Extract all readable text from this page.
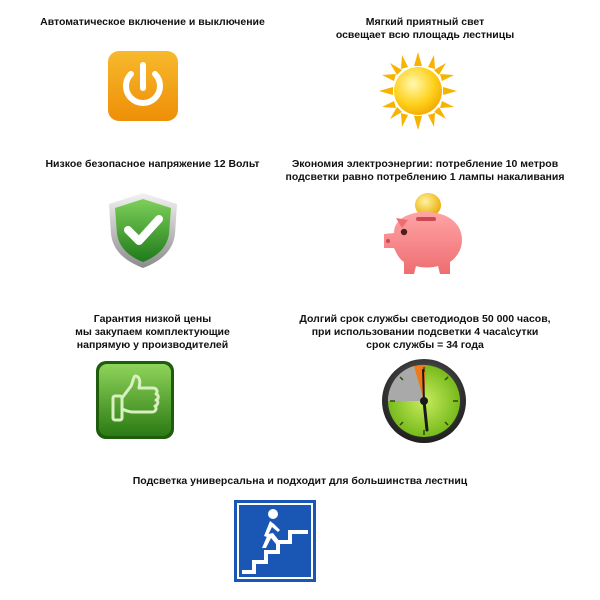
Автоматическое включение и выключение	Мягкий приятный свет
освещает всю площадь лестницы
Низкое безопасное напряжение 12 Вольт	Экономия электроэнергии: потребление 10 метров
подсветки равно потреблению 1 лампы накаливания
Гарантия низкой цены
мы закупаем комплектующие
напрямую у производителей
Долгий срок службы светодиодов 50 000 часов,
при использовании подсветки 4 часа\сутки
срок службы = 34 года
Подсветка универсальна и подходит для большинства лестниц
